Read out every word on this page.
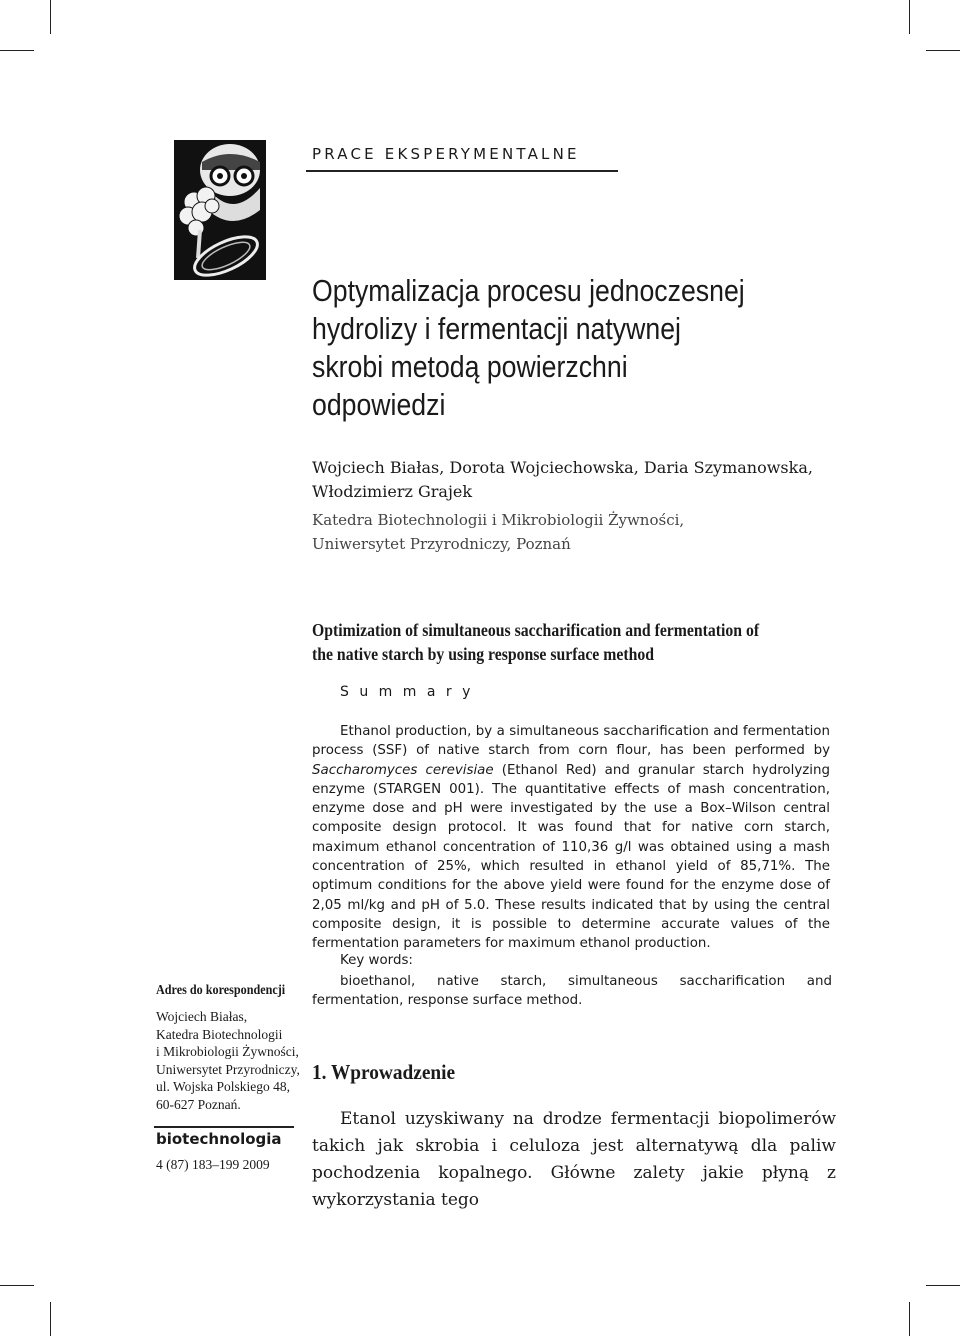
PRACE EKSPERYMENTALNE
Optymalizacja procesu jednoczesnej
hydrolizy i fermentacji natywnej
skrobi metodą powierzchni
odpowiedzi
Wojciech Białas, Dorota Wojciechowska, Daria Szymanowska,
Włodzimierz Grajek
Katedra Biotechnologii i Mikrobiologii Żywności,
Uniwersytet Przyrodniczy, Poznań
Optimization of simultaneous saccharification and fermentation of
the native starch by using response surface method
S u m m a r y

Ethanol production, by a simultaneous saccharification and fermentation process (SSF) of native starch from corn flour, has been performed by Saccharomyces cerevisiae (Ethanol Red) and granular starch hydrolyzing enzyme (STARGEN 001). The quantitative effects of mash concentration, enzyme dose and pH were investigated by the use a Box–Wilson central composite design protocol. It was found that for native corn starch, maximum ethanol concentration of 110,36 g/l was obtained using a mash concentration of 25%, which resulted in ethanol yield of 85,71%. The optimum conditions for the above yield were found for the enzyme dose of 2,05 ml/kg and pH of 5.0. These results indicated that by using the central composite design, it is possible to determine accurate values of the fermentation parameters for maximum ethanol production.

Key words:
bioethanol, native starch, simultaneous saccharification and fermentation, response surface method.
1. Wprowadzenie

Etanol uzyskiwany na drodze fermentacji biopolimerów takich jak skrobia i celuloza jest alternatywą dla paliw pochodzenia kopalnego. Główne zalety jakie płyną z wykorzystania tego

Adres do korespondencji
Wojciech Białas,
Katedra Biotechnologii
i Mikrobiologii Żywności,
Uniwersytet Przyrodniczy,
ul. Wojska Polskiego 48,
60-627 Poznań.
biotechnologia
4 (87) 183–199 2009
